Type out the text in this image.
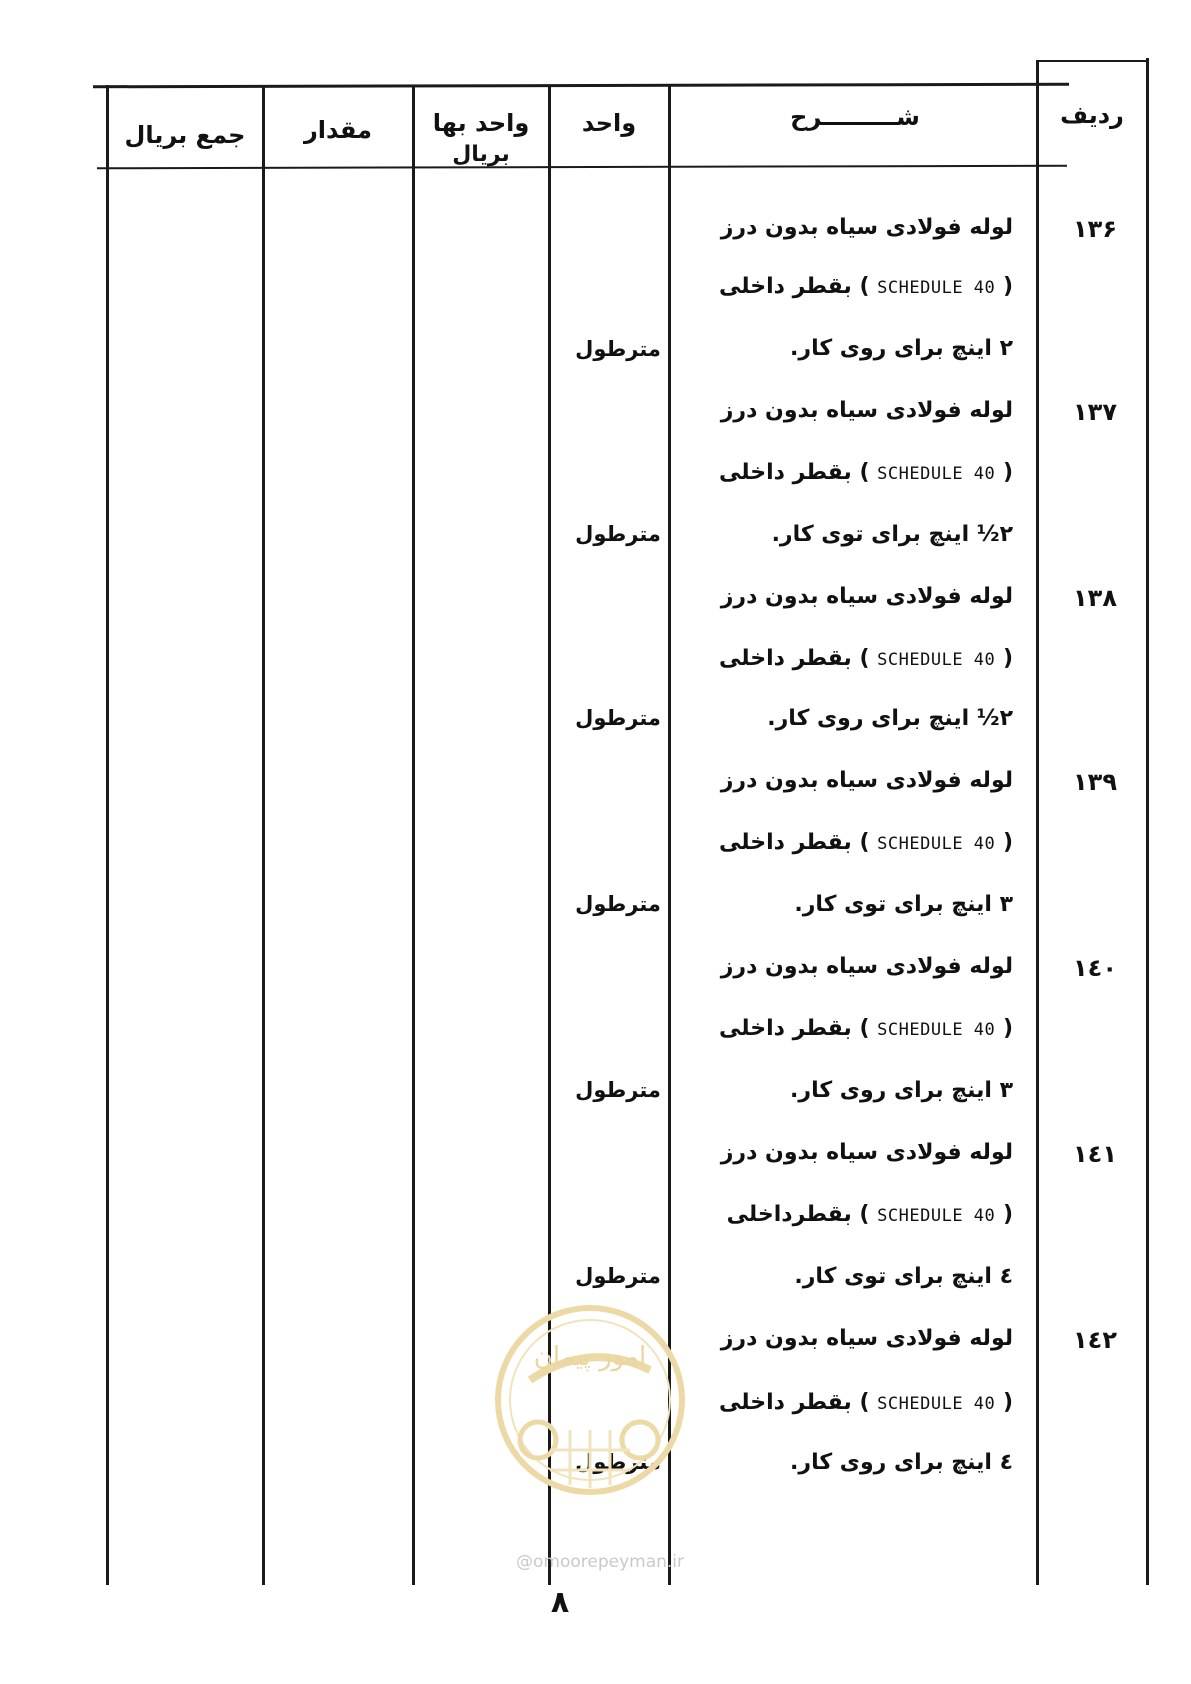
ردیف
شـــــــــرح
واحد
واحد بها
بریال
مقدار
جمع بریال
۱۳۶
لوله فولادی سیاه بدون درز
( SCHEDULE 40 ) بقطر داخلی
۲ اینچ برای روی کار.
مترطول
۱۳۷
لوله فولادی سیاه بدون درز
( SCHEDULE 40 ) بقطر داخلی
۲½ اینچ برای توی کار.
مترطول
۱۳۸
لوله فولادی سیاه بدون درز
( SCHEDULE 40 ) بقطر داخلی
۲½ اینچ برای روی کار.
مترطول
۱۳۹
لوله فولادی سیاه بدون درز
( SCHEDULE 40 ) بقطر داخلی
۳ اینچ برای توی کار.
مترطول
۱٤۰
لوله فولادی سیاه بدون درز
( SCHEDULE 40 ) بقطر داخلی
۳ اینچ برای روی کار.
مترطول
۱٤۱
لوله فولادی سیاه بدون درز
( SCHEDULE 40 ) بقطرداخلی
٤ اینچ برای توی کار.
مترطول
۱٤۲
لوله فولادی سیاه بدون درز
( SCHEDULE 40 ) بقطر داخلی
٤ اینچ برای روی کار.
مترطول
امور پیمان
@omoorepeyman.ir
۸
